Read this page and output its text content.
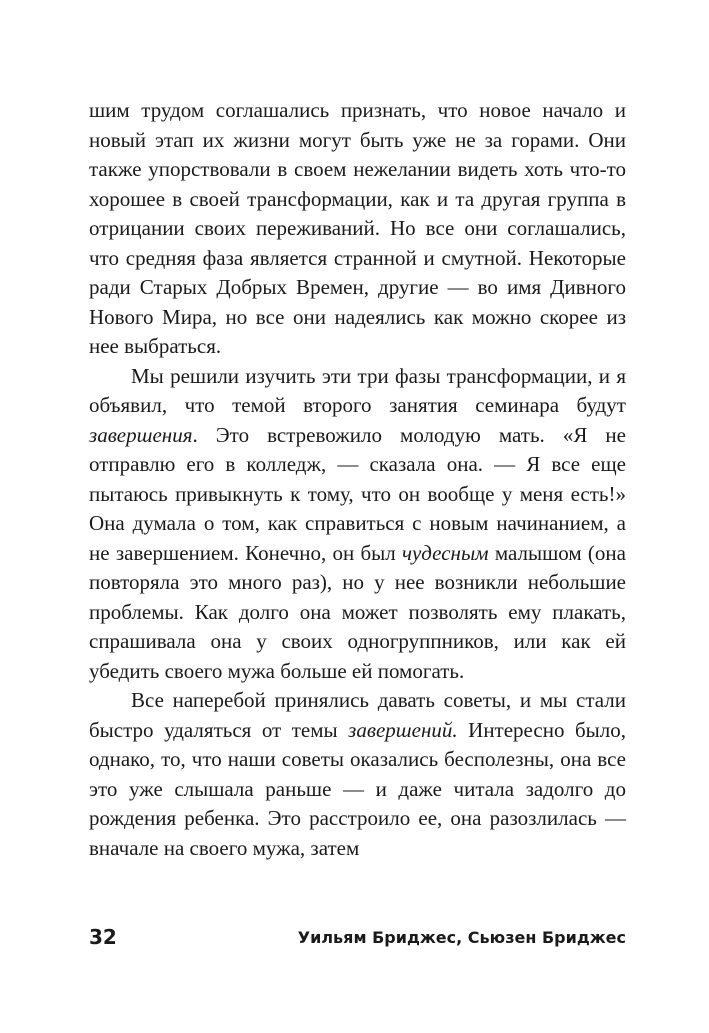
шим трудом соглашались признать, что новое начало и новый этап их жизни могут быть уже не за горами. Они также упорствовали в своем нежелании видеть хоть что-то хорошее в своей трансформации, как и та другая группа в отрицании своих переживаний. Но все они соглашались, что средняя фаза является странной и смутной. Некоторые ради Старых Добрых Времен, другие — во имя Дивного Нового Мира, но все они надеялись как можно скорее из нее выбраться.

Мы решили изучить эти три фазы трансформации, и я объявил, что темой второго занятия семинара будут завершения. Это встревожило молодую мать. «Я не отправлю его в колледж, — сказала она. — Я все еще пытаюсь привыкнуть к тому, что он вообще у меня есть!» Она думала о том, как справиться с новым начинанием, а не завершением. Конечно, он был чудесным малышом (она повторяла это много раз), но у нее возникли небольшие проблемы. Как долго она может позволять ему плакать, спрашивала она у своих одногруппников, или как ей убедить своего мужа больше ей помогать.

Все наперебой принялись давать советы, и мы стали быстро удаляться от темы завершений. Интересно было, однако, то, что наши советы оказались бесполезны, она все это уже слышала раньше — и даже читала задолго до рождения ребенка. Это расстроило ее, она разозлилась — вначале на своего мужа, затем

32	Уильям Бриджес, Сьюзен Бриджес
